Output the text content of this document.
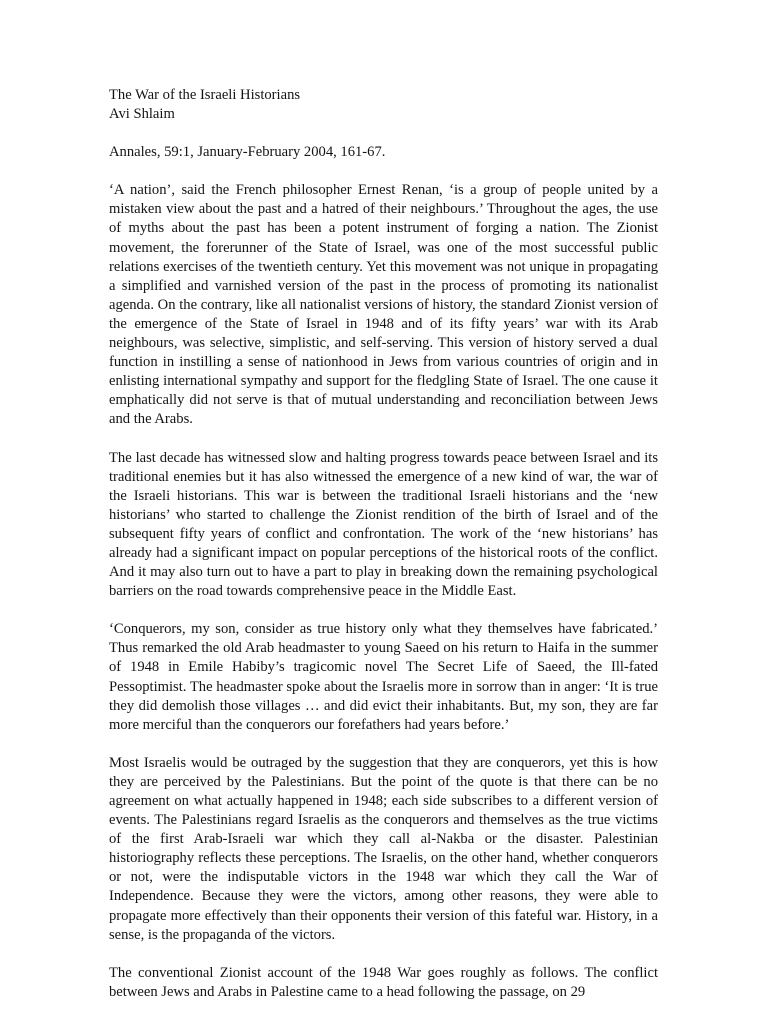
The War of the Israeli Historians
Avi Shlaim
Annales, 59:1, January-February 2004, 161-67.

‘A nation’, said the French philosopher Ernest Renan, ‘is a group of people united by a mistaken view about the past and a hatred of their neighbours.’ Throughout the ages, the use of myths about the past has been a potent instrument of forging a nation. The Zionist movement, the forerunner of the State of Israel, was one of the most successful public relations exercises of the twentieth century. Yet this movement was not unique in propagating a simplified and varnished version of the past in the process of promoting its nationalist agenda. On the contrary, like all nationalist versions of history, the standard Zionist version of the emergence of the State of Israel in 1948 and of its fifty years’ war with its Arab neighbours, was selective, simplistic, and self-serving. This version of history served a dual function in instilling a sense of nationhood in Jews from various countries of origin and in enlisting international sympathy and support for the fledgling State of Israel. The one cause it emphatically did not serve is that of mutual understanding and reconciliation between Jews and the Arabs.

The last decade has witnessed slow and halting progress towards peace between Israel and its traditional enemies but it has also witnessed the emergence of a new kind of war, the war of the Israeli historians. This war is between the traditional Israeli historians and the ‘new historians’ who started to challenge the Zionist rendition of the birth of Israel and of the subsequent fifty years of conflict and confrontation. The work of the ‘new historians’ has already had a significant impact on popular perceptions of the historical roots of the conflict. And it may also turn out to have a part to play in breaking down the remaining psychological barriers on the road towards comprehensive peace in the Middle East.

‘Conquerors, my son, consider as true history only what they themselves have fabricated.’ Thus remarked the old Arab headmaster to young Saeed on his return to Haifa in the summer of 1948 in Emile Habiby’s tragicomic novel The Secret Life of Saeed, the Ill-fated Pessoptimist. The headmaster spoke about the Israelis more in sorrow than in anger: ‘It is true they did demolish those villages … and did evict their inhabitants. But, my son, they are far more merciful than the conquerors our forefathers had years before.’

Most Israelis would be outraged by the suggestion that they are conquerors, yet this is how they are perceived by the Palestinians. But the point of the quote is that there can be no agreement on what actually happened in 1948; each side subscribes to a different version of events. The Palestinians regard Israelis as the conquerors and themselves as the true victims of the first Arab-Israeli war which they call al-Nakba or the disaster. Palestinian historiography reflects these perceptions. The Israelis, on the other hand, whether conquerors or not, were the indisputable victors in the 1948 war which they call the War of Independence. Because they were the victors, among other reasons, they were able to propagate more effectively than their opponents their version of this fateful war. History, in a sense, is the propaganda of the victors.

The conventional Zionist account of the 1948 War goes roughly as follows. The conflict between Jews and Arabs in Palestine came to a head following the passage, on 29
